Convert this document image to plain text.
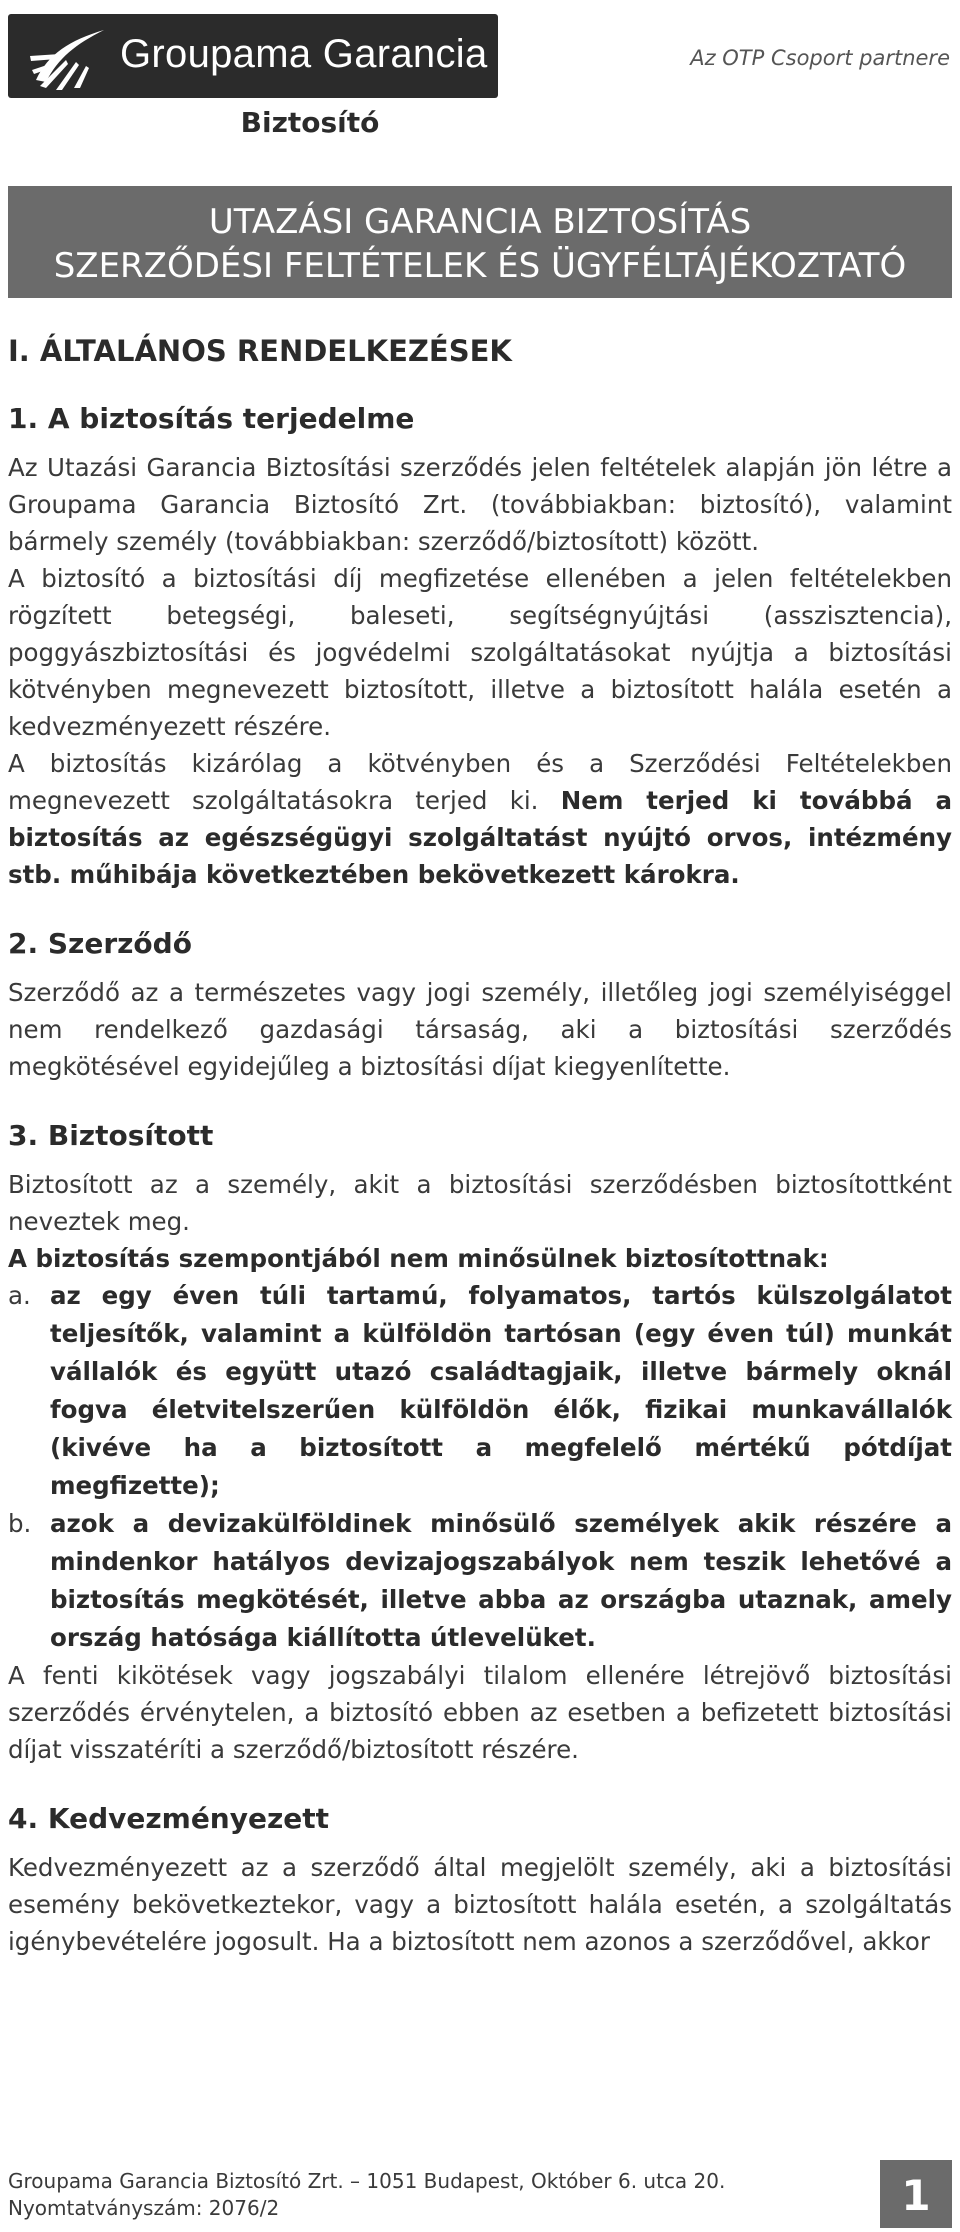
Groupama Garancia	Az OTP Csoport partnere
Biztosító
UTAZÁSI GARANCIA BIZTOSÍTÁS
SZERZŐDÉSI FELTÉTELEK ÉS ÜGYFÉLTÁJÉKOZTATÓ
I. ÁLTALÁNOS RENDELKEZÉSEK
1. A biztosítás terjedelme

Az Utazási Garancia Biztosítási szerződés jelen feltételek alapján jön létre a Groupama Garancia Biztosító Zrt. (továbbiakban: biztosító), valamint bármely személy (továbbiakban: szerződő/biztosított) között.

A biztosító a biztosítási díj megfizetése ellenében a jelen feltételekben rögzített betegségi, baleseti, segítségnyújtási (asszisztencia), poggyászbiztosítási és jogvédelmi szolgáltatásokat nyújtja a biztosítási kötvényben megnevezett biztosított, illetve a biztosított halála esetén a kedvezményezett részére.

A biztosítás kizárólag a kötvényben és a Szerződési Feltételekben megnevezett szolgáltatásokra terjed ki. Nem terjed ki továbbá a biztosítás az egészségügyi szolgáltatást nyújtó orvos, intézmény stb. műhibája következtében bekövetkezett károkra.

2. Szerződő

Szerződő az a természetes vagy jogi személy, illetőleg jogi személyiséggel nem rendelkező gazdasági társaság, aki a biztosítási szerződés megkötésével egyidejűleg a biztosítási díjat kiegyenlítette.

3. Biztosított

Biztosított az a személy, akit a biztosítási szerződésben biztosítottként neveztek meg.

A biztosítás szempontjából nem minősülnek biztosítottnak:

a. az egy éven túli tartamú, folyamatos, tartós külszolgálatot teljesítők, valamint a külföldön tartósan (egy éven túl) munkát vállalók és együtt utazó családtagjaik, illetve bármely oknál fogva életvitelszerűen külföldön élők, fizikai munkavállalók (kivéve ha a biztosított a megfelelő mértékű pótdíjat megfizette);
b. azok a devizakülföldinek minősülő személyek akik részére a mindenkor hatályos devizajogszabályok nem teszik lehetővé a biztosítás megkötését, illetve abba az országba utaznak, amely ország hatósága kiállította útlevelüket.

A fenti kikötések vagy jogszabályi tilalom ellenére létrejövő biztosítási szerződés érvénytelen, a biztosító ebben az esetben a befizetett biztosítási díjat visszatéríti a szerződő/biztosított részére.

4. Kedvezményezett

Kedvezményezett az a szerződő által megjelölt személy, aki a biztosítási esemény bekövetkeztekor, vagy a biztosított halála esetén, a szolgáltatás igénybevételére jogosult. Ha a biztosított nem azonos a szerződővel, akkor

Groupama Garancia Biztosító Zrt. – 1051 Budapest, Október 6. utca 20.
Nyomtatványszám: 2076/2	1
